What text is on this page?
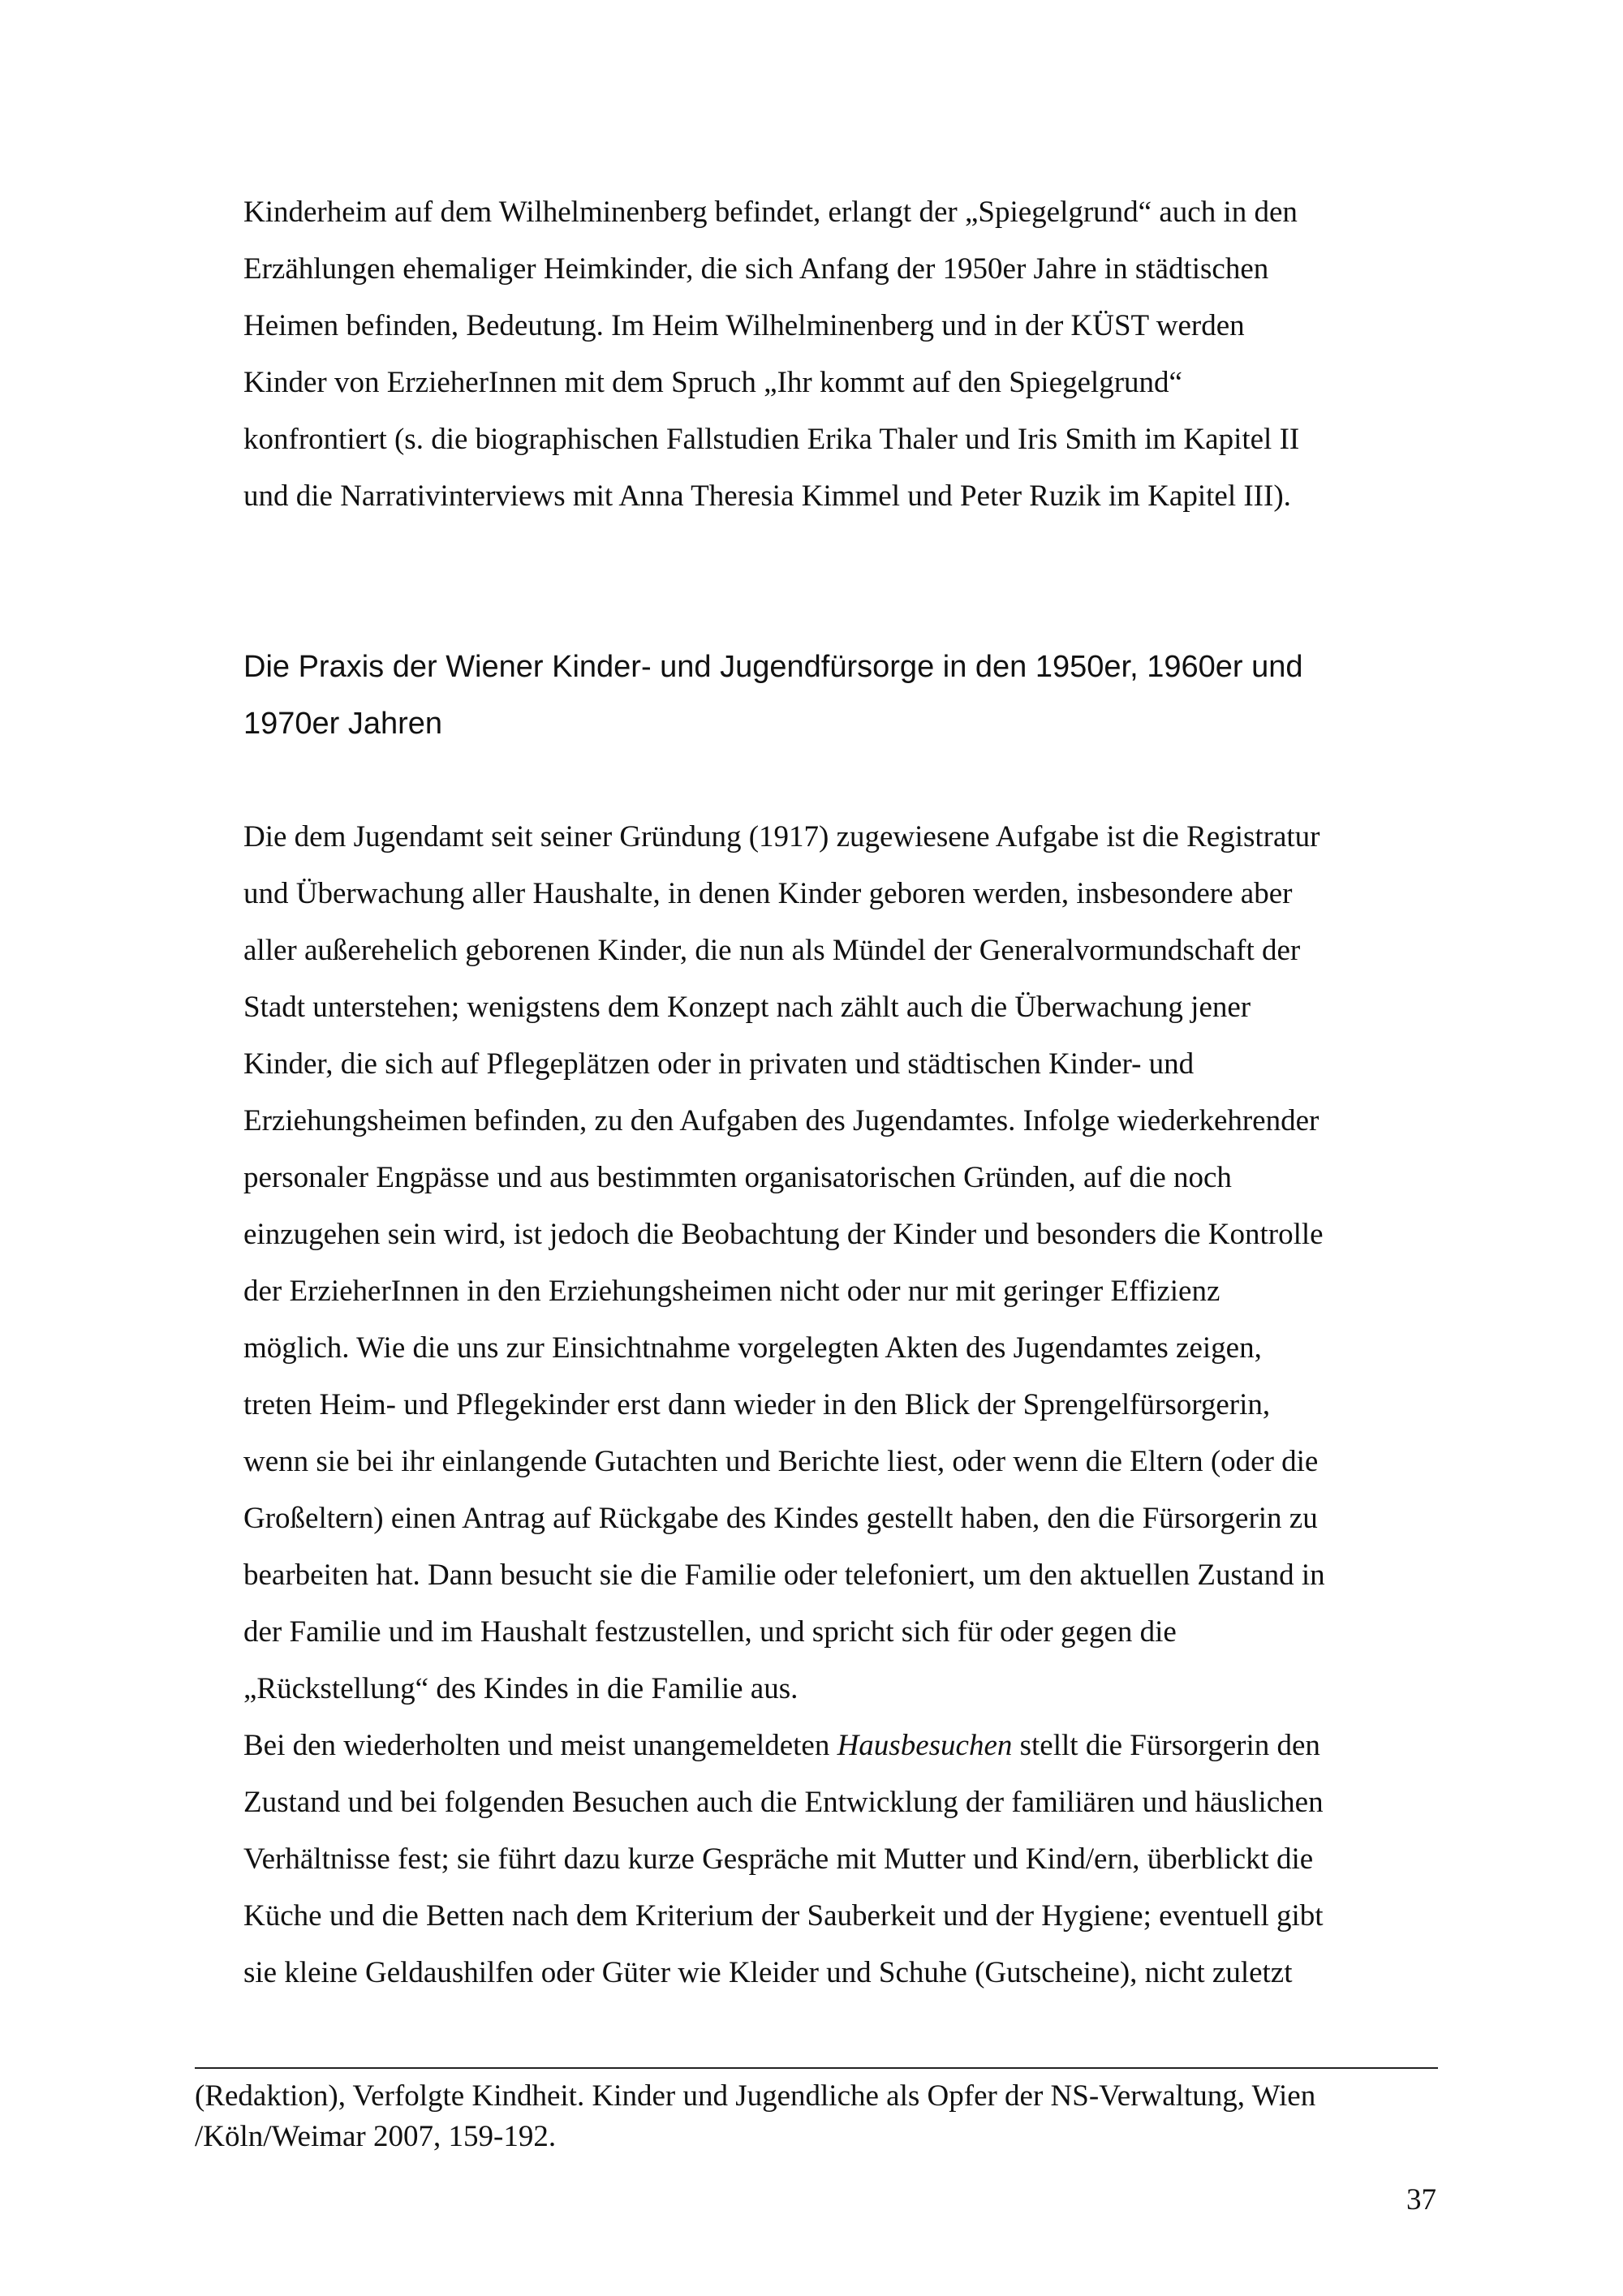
Kinderheim auf dem Wilhelminenberg befindet, erlangt der „Spiegelgrund“ auch in den
Erzählungen ehemaliger Heimkinder, die sich Anfang der 1950er Jahre in städtischen
Heimen befinden, Bedeutung. Im Heim Wilhelminenberg und in der KÜST werden
Kinder von ErzieherInnen mit dem Spruch „Ihr kommt auf den Spiegelgrund“
konfrontiert (s. die biographischen Fallstudien Erika Thaler und Iris Smith im Kapitel II
und die Narrativinterviews mit Anna Theresia Kimmel und Peter Ruzik im Kapitel III).
Die Praxis der Wiener Kinder- und Jugendfürsorge in den 1950er, 1960er und
1970er Jahren
Die dem Jugendamt seit seiner Gründung (1917) zugewiesene Aufgabe ist die Registratur
und Überwachung aller Haushalte, in denen Kinder geboren werden, insbesondere aber
aller außerehelich geborenen Kinder, die nun als Mündel der Generalvormundschaft der
Stadt unterstehen; wenigstens dem Konzept nach zählt auch die Überwachung jener
Kinder, die sich auf Pflegeplätzen oder in privaten und städtischen Kinder- und
Erziehungsheimen befinden, zu den Aufgaben des Jugendamtes. Infolge wiederkehrender
personaler Engpässe und aus bestimmten organisatorischen Gründen, auf die noch
einzugehen sein wird, ist jedoch die Beobachtung der Kinder und besonders die Kontrolle
der ErzieherInnen in den Erziehungsheimen nicht oder nur mit geringer Effizienz
möglich. Wie die uns zur Einsichtnahme vorgelegten Akten des Jugendamtes zeigen,
treten Heim- und Pflegekinder erst dann wieder in den Blick der Sprengelfürsorgerin,
wenn sie bei ihr einlangende Gutachten und Berichte liest, oder wenn die Eltern (oder die
Großeltern) einen Antrag auf Rückgabe des Kindes gestellt haben, den die Fürsorgerin zu
bearbeiten hat. Dann besucht sie die Familie oder telefoniert, um den aktuellen Zustand in
der Familie und im Haushalt festzustellen, und spricht sich für oder gegen die
„Rückstellung“ des Kindes in die Familie aus.
Bei den wiederholten und meist unangemeldeten Hausbesuchen stellt die Fürsorgerin den
Zustand und bei folgenden Besuchen auch die Entwicklung der familiären und häuslichen
Verhältnisse fest; sie führt dazu kurze Gespräche mit Mutter und Kind/ern, überblickt die
Küche und die Betten nach dem Kriterium der Sauberkeit und der Hygiene; eventuell gibt
sie kleine Geldaushilfen oder Güter wie Kleider und Schuhe (Gutscheine), nicht zuletzt
(Redaktion), Verfolgte Kindheit. Kinder und Jugendliche als Opfer der NS-Verwaltung, Wien
/Köln/Weimar 2007, 159-192.
37
